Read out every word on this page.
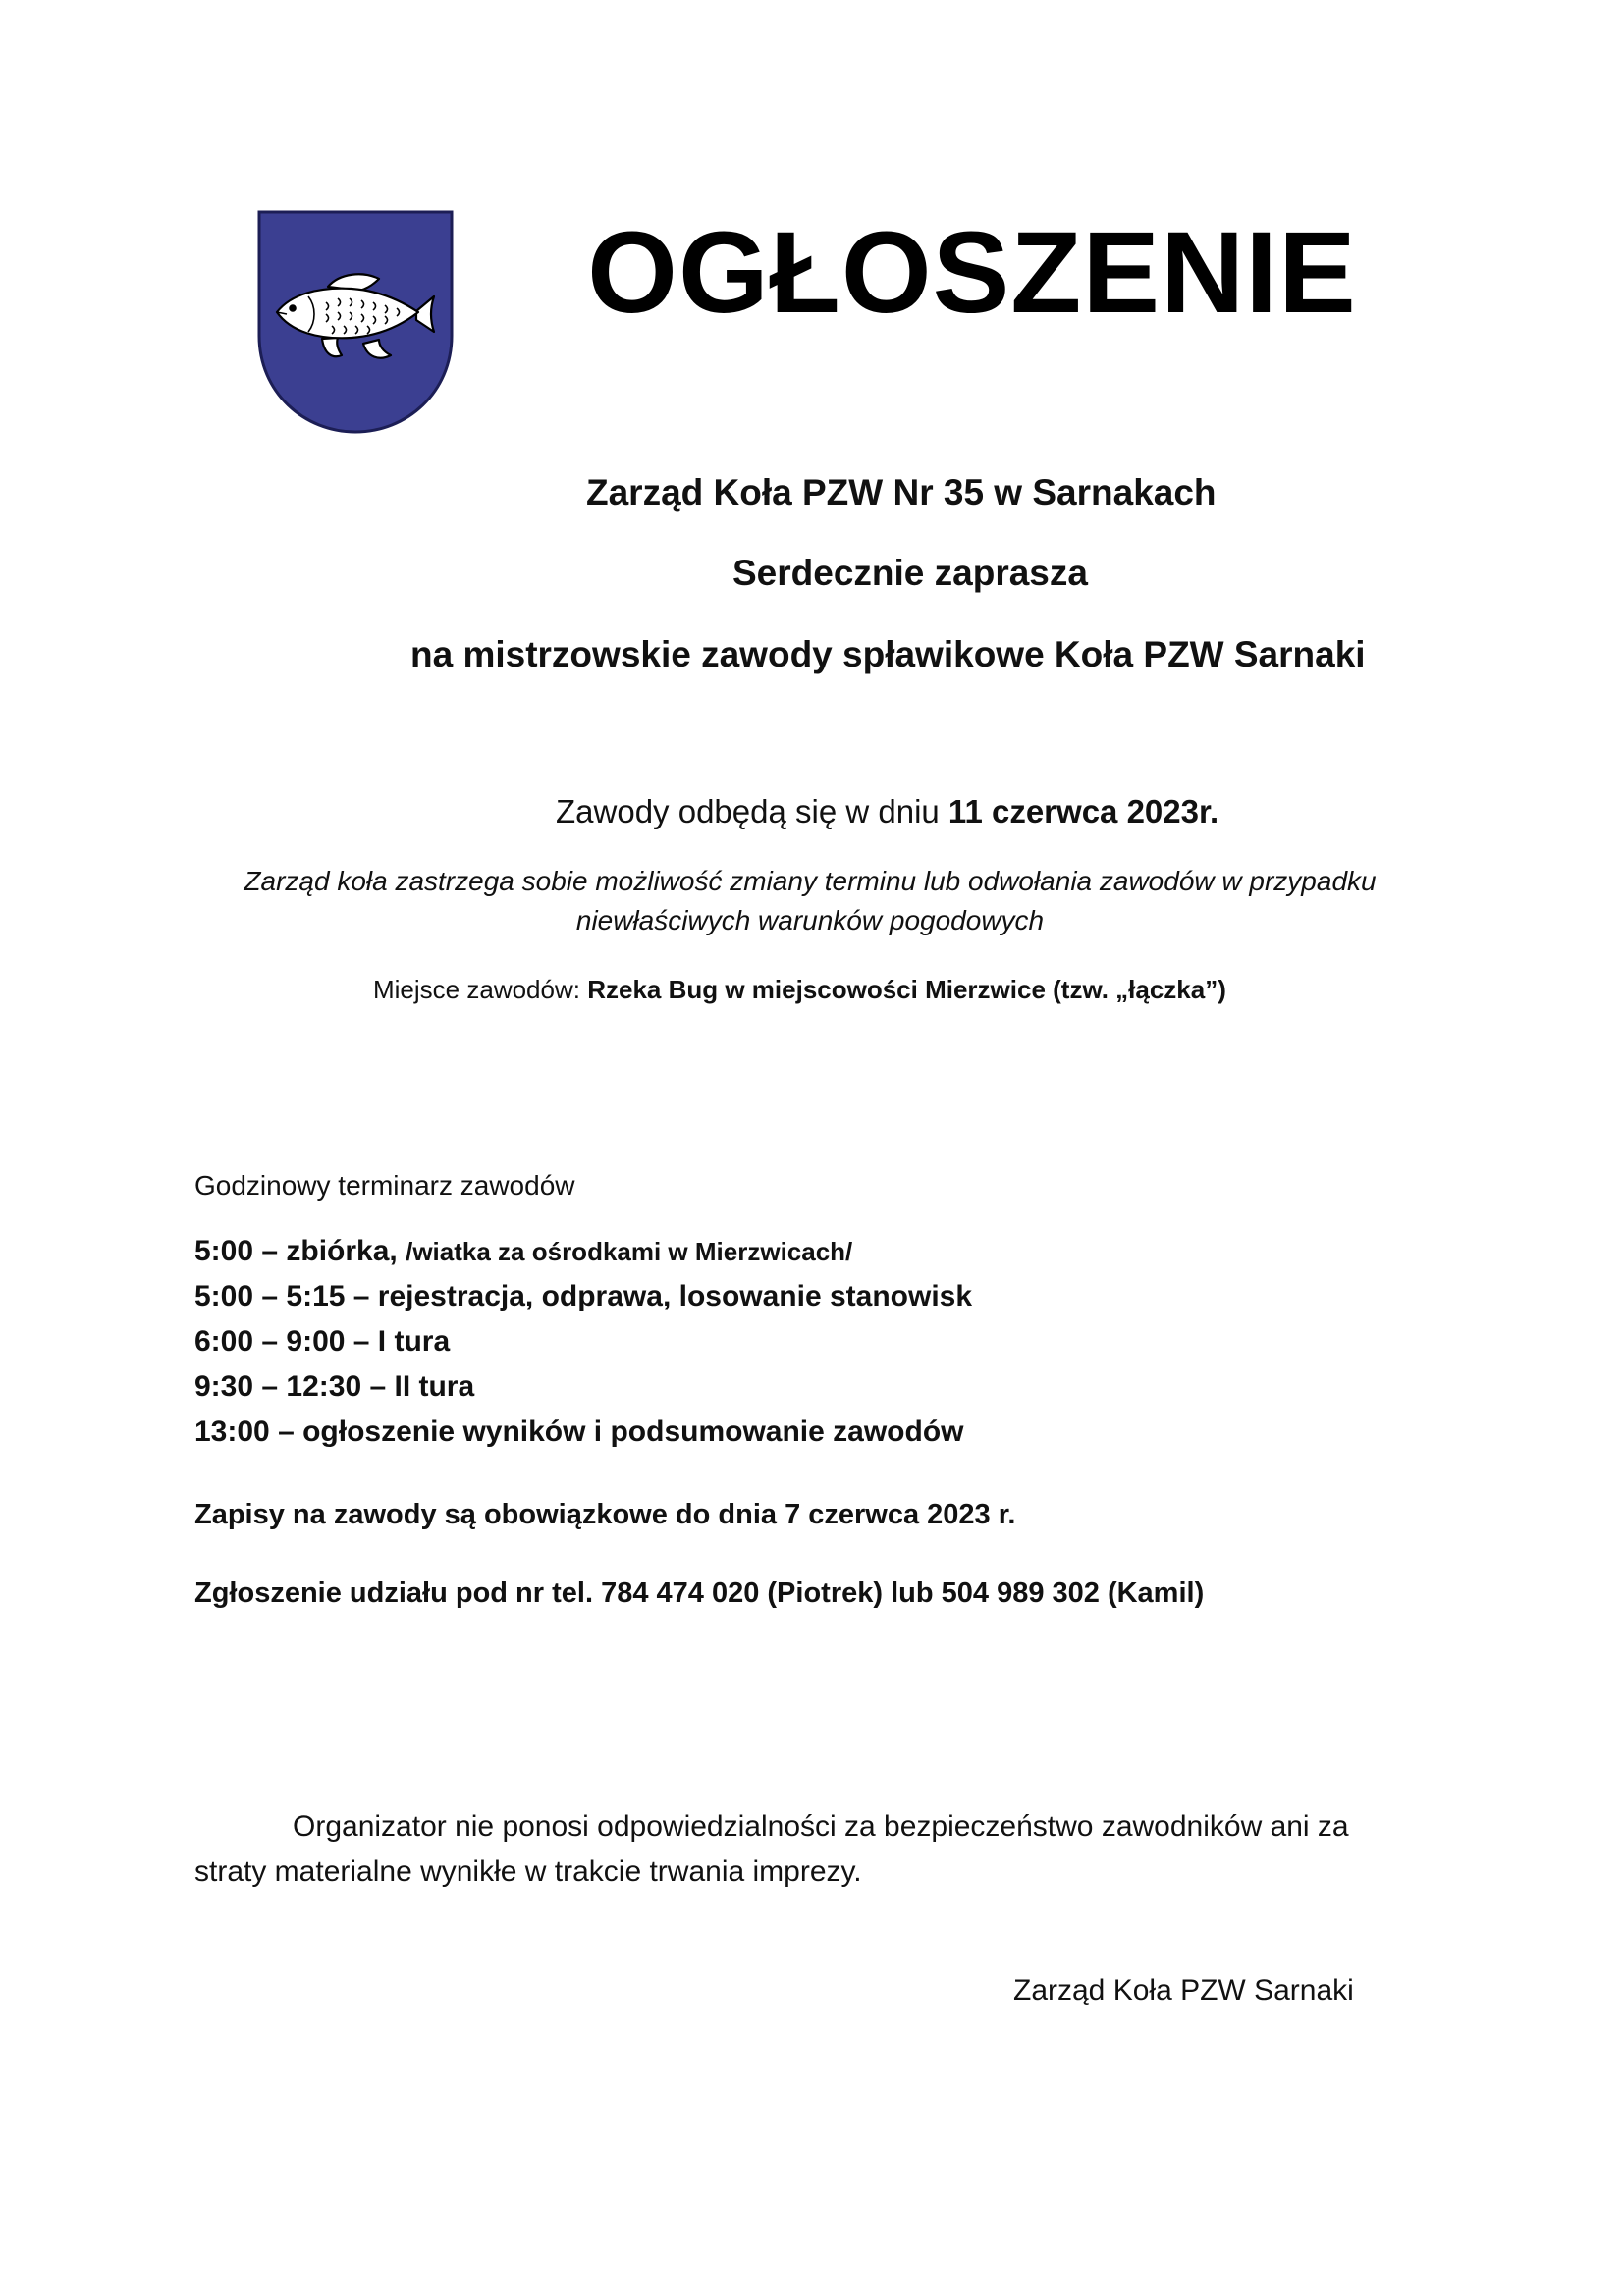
OGŁOSZENIE
Zarząd Koła PZW Nr 35 w Sarnakach
Serdecznie zaprasza
na mistrzowskie zawody spławikowe Koła PZW Sarnaki
Zawody odbędą się w dniu 11 czerwca 2023r.
Zarząd koła zastrzega sobie możliwość zmiany terminu lub odwołania zawodów w przypadku niewłaściwych warunków pogodowych
Miejsce zawodów: Rzeka Bug w miejscowości Mierzwice (tzw. „łączka”)
Godzinowy terminarz zawodów
5:00 – zbiórka, /wiatka za ośrodkami w Mierzwicach/
5:00 – 5:15 – rejestracja, odprawa, losowanie stanowisk
6:00 – 9:00 – I tura
9:30 – 12:30 – II tura
13:00 – ogłoszenie wyników i podsumowanie zawodów
Zapisy na zawody są obowiązkowe do dnia 7 czerwca 2023 r.
Zgłoszenie udziału pod nr tel. 784 474 020 (Piotrek) lub 504 989 302 (Kamil)
Organizator nie ponosi odpowiedzialności za bezpieczeństwo zawodników ani za straty materialne wynikłe w trakcie trwania imprezy.
Zarząd Koła PZW Sarnaki
